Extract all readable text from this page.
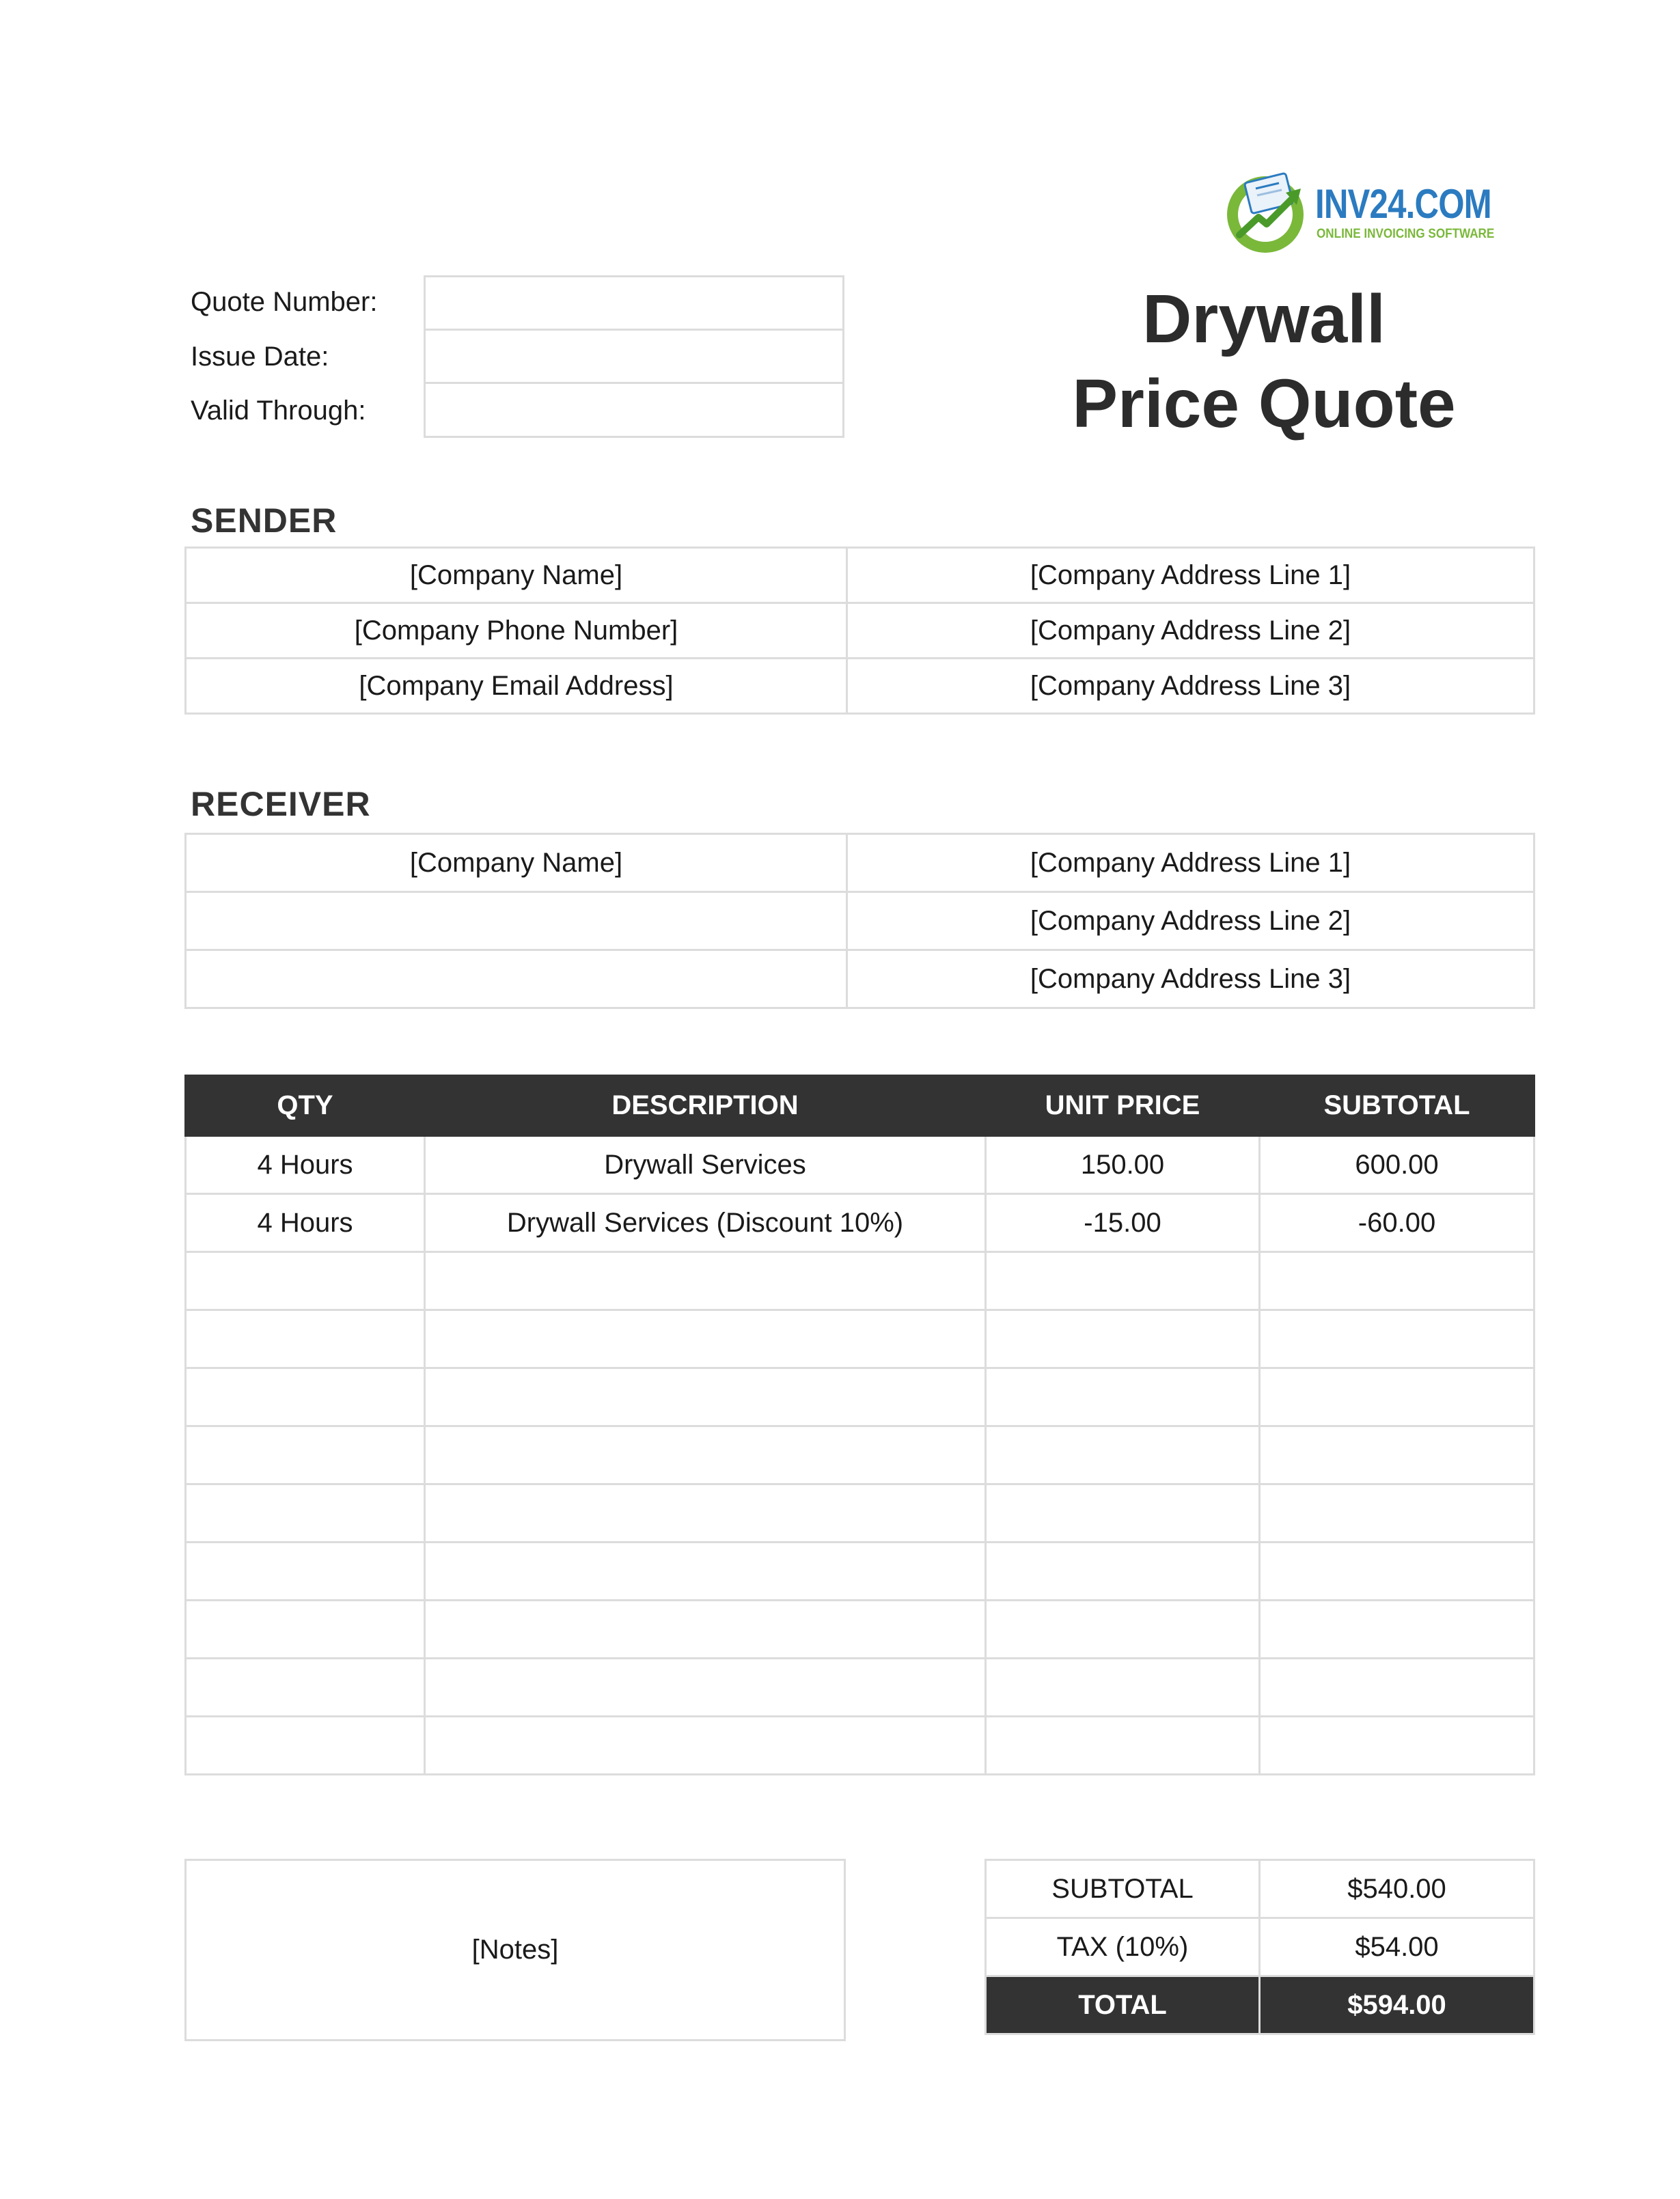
INV24.COM
ONLINE INVOICING SOFTWARE
Drywall
Price Quote
Quote Number:
Issue Date:
Valid Through:
SENDER
[Company Name]	[Company Address Line 1]
[Company Phone Number]	[Company Address Line 2]
[Company Email Address]	[Company Address Line 3]
RECEIVER
[Company Name]	[Company Address Line 1]
	[Company Address Line 2]
	[Company Address Line 3]
QTY	DESCRIPTION	UNIT PRICE	SUBTOTAL
4 Hours	Drywall Services	150.00	600.00
4 Hours	Drywall Services (Discount 10%)	-15.00	-60.00

[Notes]
SUBTOTAL	$540.00
TAX (10%)	$54.00
TOTAL	$594.00
